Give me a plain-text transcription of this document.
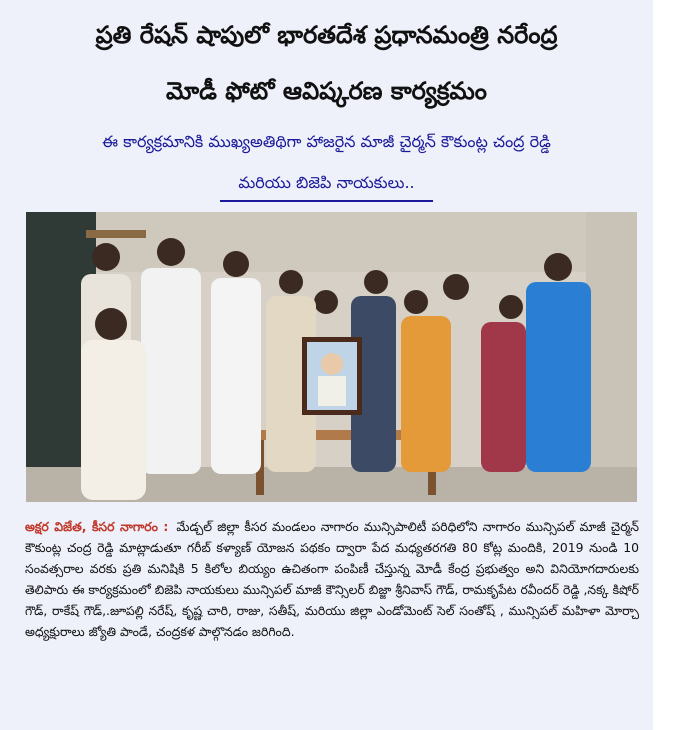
ప్రతి రేషన్ షాపులో భారతదేశ ప్రధానమంత్రి నరేంద్ర
మోడీ ఫోటో ఆవిష్కరణ కార్యక్రమం
ఈ కార్యక్రమానికి ముఖ్యఅతిథిగా హాజరైన మాజీ చైర్మన్ కౌకుంట్ల చంద్ర రెడ్డి
మరియు బిజెపి నాయకులు..
అక్షర విజేత, కీసర నాగారం : మేడ్చల్ జిల్లా కీసర మండలం నాగారం మున్సిపాలిటీ పరిధిలోని నాగారం మున్సిపల్ మాజీ చైర్మన్ కౌకుంట్ల చంద్ర రెడ్డి మాట్లాడుతూ గరీబ్ కళ్యాణ్ యోజన పథకం ద్వారా పేద మధ్యతరగతి 80 కోట్ల మందికి, 2019 నుండి 10 సంవత్సరాల వరకు ప్రతి మనిషికి 5 కిలోల బియ్యం ఉచితంగా పంపిణీ చేస్తున్న మోడీ కేంద్ర ప్రభుత్వం అని వినియోగదారులకు తెలిపారు ఈ కార్యక్రమంలో బిజెపి నాయకులు మున్సిపల్ మాజీ కౌన్సిలర్ బిజ్జా శ్రీనివాస్ గౌడ్, రామకృపేట రవీందర్ రెడ్డి ,నక్క కిషోర్ గౌడ్, రాకేష్ గౌడ్,.జూపల్లి నరేష్, కృష్ణ చారి, రాజు, సతీష్, మరియు జిల్లా ఎండోమెంట్ సెల్ సంతోష్ , మున్సిపల్ మహిళా మోర్చా అధ్యక్షురాలు జ్యోతి పాండే, చంద్రకళ పాల్గొనడం జరిగింది.
